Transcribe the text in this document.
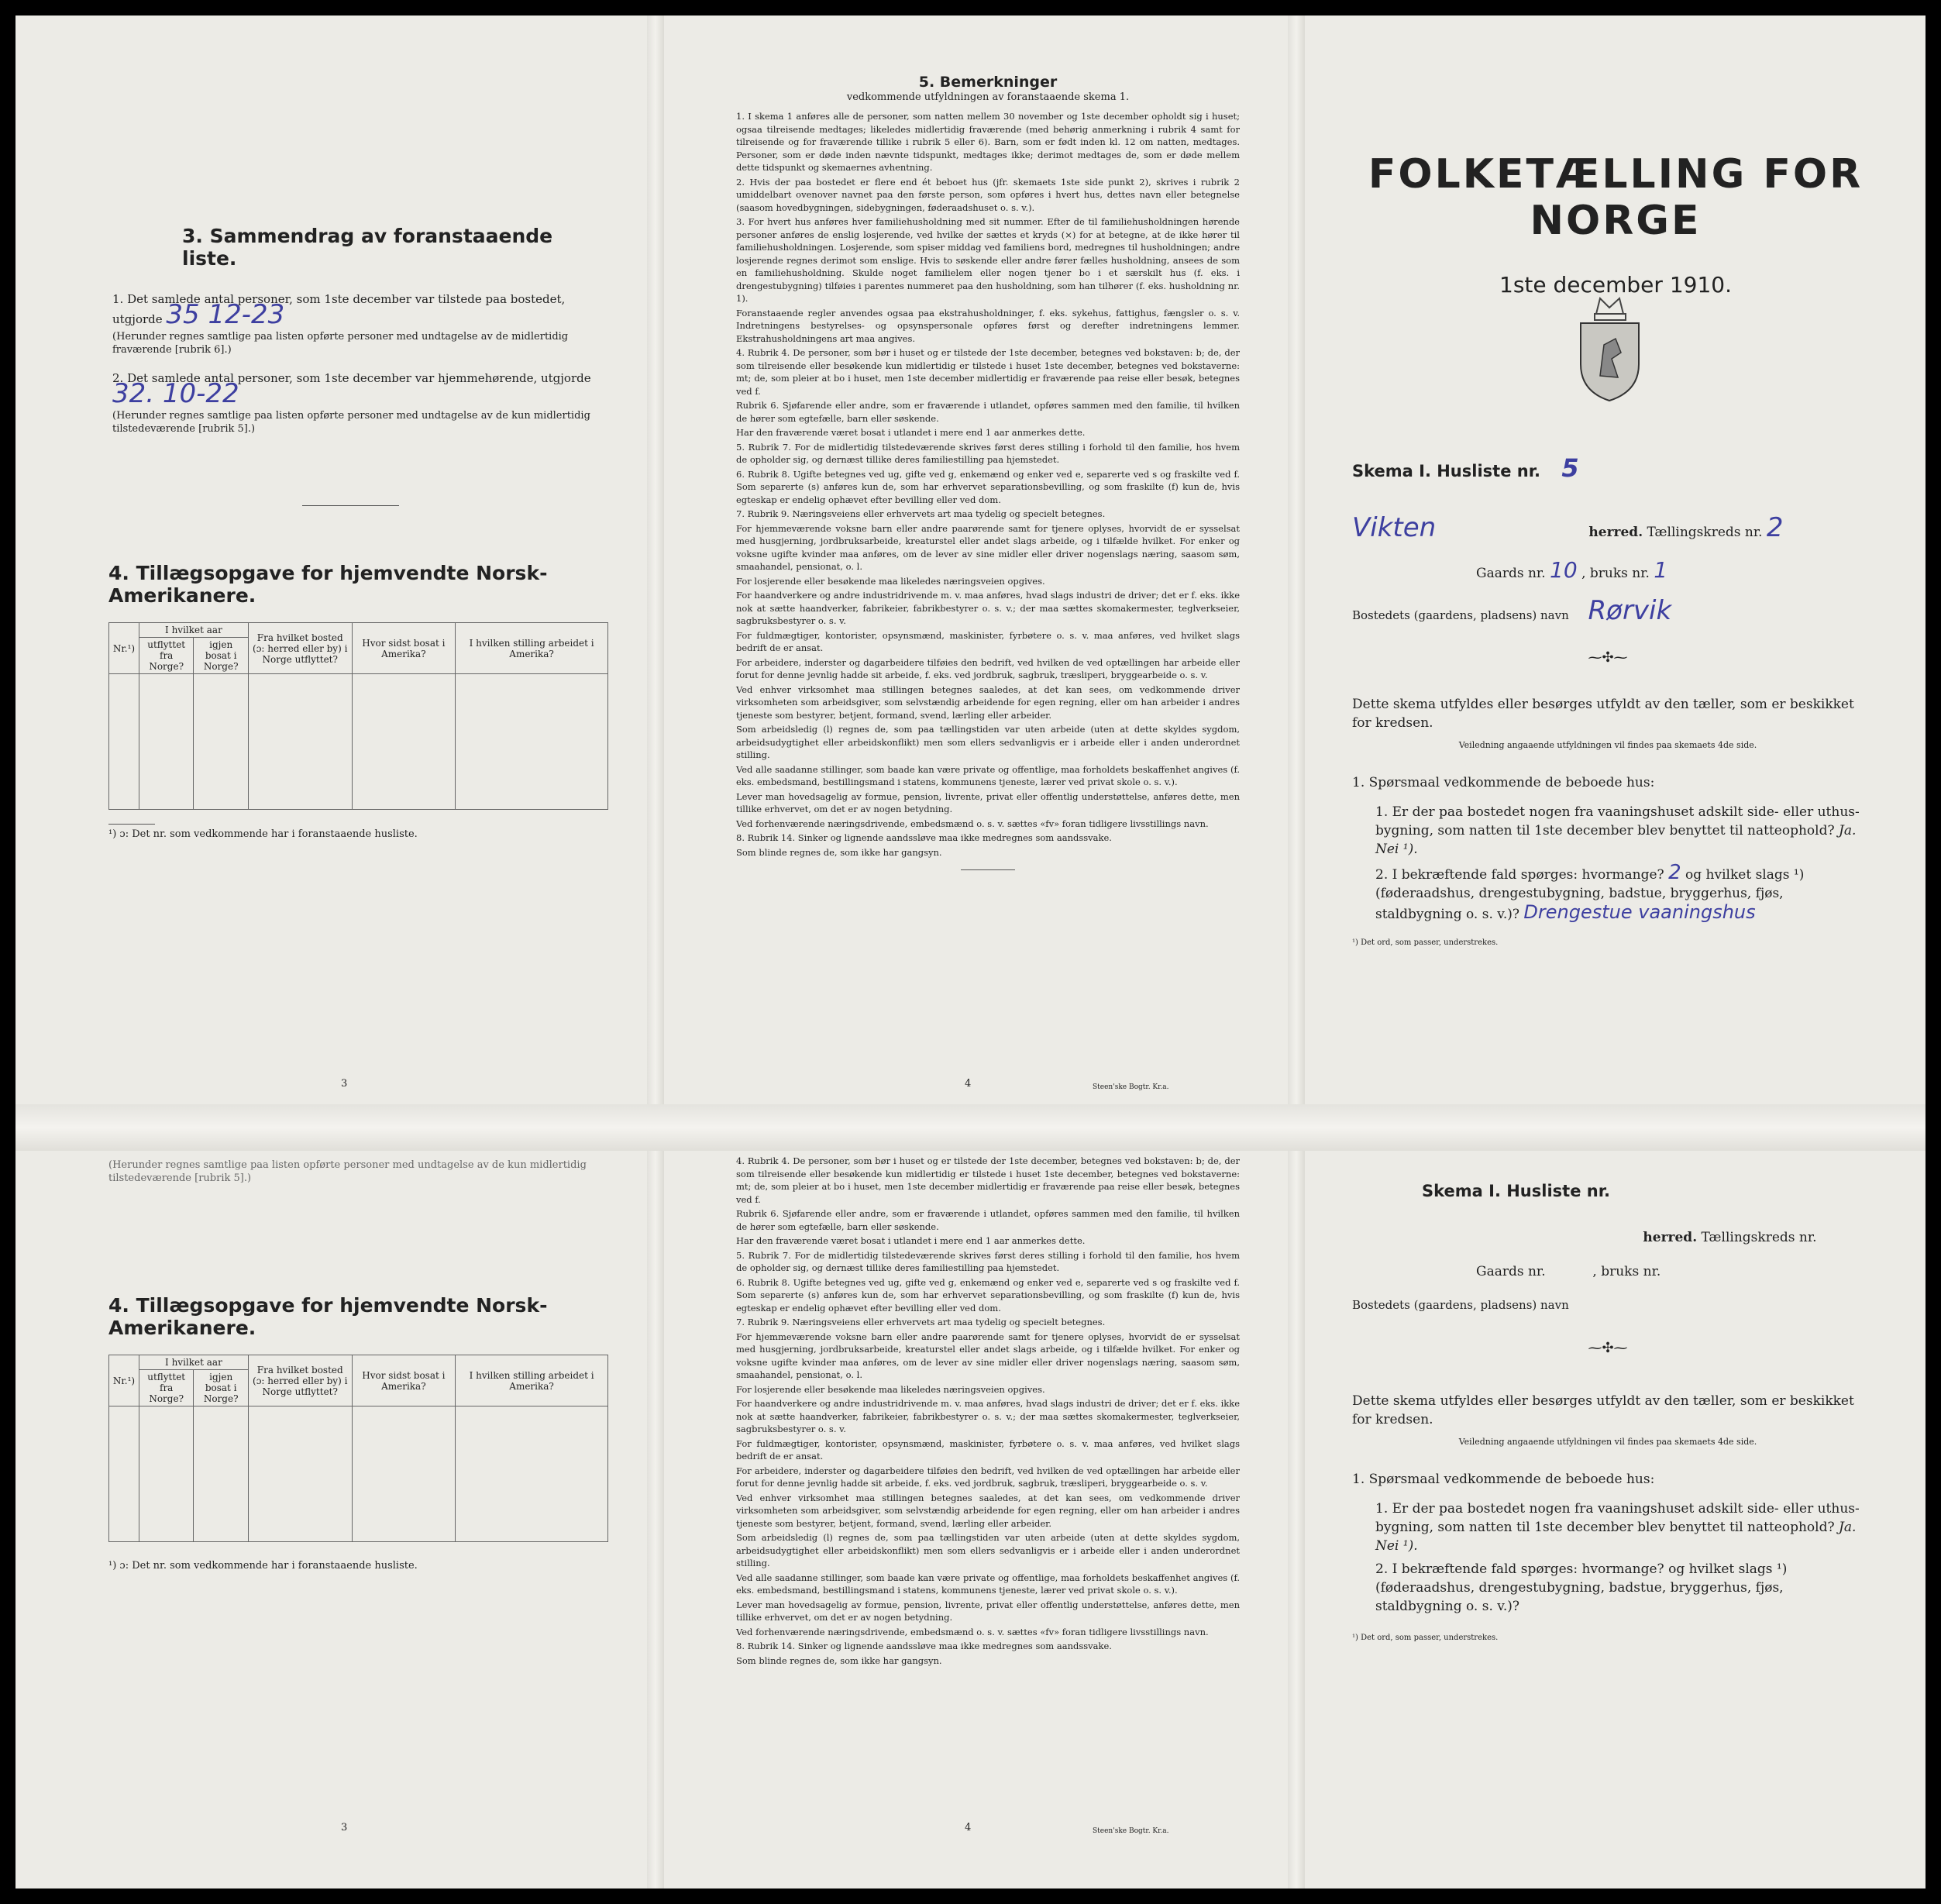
3. Sammendrag av foranstaaende liste.
1. Det samlede antal personer, som 1ste december var tilstede paa bostedet, utgjorde 35 12-23
(Herunder regnes samtlige paa listen opførte personer med undtagelse av de midlertidig fraværende [rubrik 6].)
2. Det samlede antal personer, som 1ste december var hjemmehørende, utgjorde 32. 10-22
(Herunder regnes samtlige paa listen opførte personer med undtagelse av de kun midlertidig tilstedeværende [rubrik 5].)
4. Tillægsopgave for hjemvendte Norsk-Amerikanere.
Nr.¹)	I hvilket aar		Fra hvilket bosted (ɔ: herred eller by) i Norge utflyttet?	Hvor sidst bosat i Amerika?	I hvilken stilling arbeidet i Amerika?
	utflyttet fra Norge?	igjen bosat i Norge?			

¹) ɔ: Det nr. som vedkommende har i foranstaaende husliste.
3
5. Bemerkninger
vedkommende utfyldningen av foranstaaende skema 1.

1. I skema 1 anføres alle de personer, som natten mellem 30 november og 1ste december opholdt sig i huset; ogsaa tilreisende medtages; likeledes midlertidig fraværende (med behørig anmerkning i rubrik 4 samt for tilreisende og for fraværende tillike i rubrik 5 eller 6). Barn, som er født inden kl. 12 om natten, medtages. Personer, som er døde inden nævnte tidspunkt, medtages ikke; derimot medtages de, som er døde mellem dette tidspunkt og skemaernes avhentning.

2. Hvis der paa bostedet er flere end ét beboet hus (jfr. skemaets 1ste side punkt 2), skrives i rubrik 2 umiddelbart ovenover navnet paa den første person, som opføres i hvert hus, dettes navn eller betegnelse (saasom hovedbygningen, sidebygningen, føderaadshuset o. s. v.).

3. For hvert hus anføres hver familiehusholdning med sit nummer. Efter de til familiehusholdningen hørende personer anføres de enslig losjerende, ved hvilke der sættes et kryds (×) for at betegne, at de ikke hører til familiehusholdningen. Losjerende, som spiser middag ved familiens bord, medregnes til husholdningen; andre losjerende regnes derimot som enslige. Hvis to søskende eller andre fører fælles husholdning, ansees de som en familiehusholdning. Skulde noget familielem eller nogen tjener bo i et særskilt hus (f. eks. i drengestubygning) tilføies i parentes nummeret paa den husholdning, som han tilhører (f. eks. husholdning nr. 1).

Foranstaaende regler anvendes ogsaa paa ekstrahusholdninger, f. eks. sykehus, fattighus, fængsler o. s. v. Indretningens bestyrelses- og opsynspersonale opføres først og derefter indretningens lemmer. Ekstrahusholdningens art maa angives.

4. Rubrik 4. De personer, som bør i huset og er tilstede der 1ste december, betegnes ved bokstaven: b; de, der som tilreisende eller besøkende kun midlertidig er tilstede i huset 1ste december, betegnes ved bokstaverne: mt; de, som pleier at bo i huset, men 1ste december midlertidig er fraværende paa reise eller besøk, betegnes ved f.

Rubrik 6. Sjøfarende eller andre, som er fraværende i utlandet, opføres sammen med den familie, til hvilken de hører som egtefælle, barn eller søskende.

Har den fraværende været bosat i utlandet i mere end 1 aar anmerkes dette.

5. Rubrik 7. For de midlertidig tilstedeværende skrives først deres stilling i forhold til den familie, hos hvem de opholder sig, og dernæst tillike deres familiestilling paa hjemstedet.

6. Rubrik 8. Ugifte betegnes ved ug, gifte ved g, enkemænd og enker ved e, separerte ved s og fraskilte ved f. Som separerte (s) anføres kun de, som har erhvervet separationsbevilling, og som fraskilte (f) kun de, hvis egteskap er endelig ophævet efter bevilling eller ved dom.

7. Rubrik 9. Næringsveiens eller erhvervets art maa tydelig og specielt betegnes.

For hjemmeværende voksne barn eller andre paarørende samt for tjenere oplyses, hvorvidt de er sysselsat med husgjerning, jordbruksarbeide, kreaturstel eller andet slags arbeide, og i tilfælde hvilket. For enker og voksne ugifte kvinder maa anføres, om de lever av sine midler eller driver nogenslags næring, saasom søm, smaahandel, pensionat, o. l.

For losjerende eller besøkende maa likeledes næringsveien opgives.

For haandverkere og andre industridrivende m. v. maa anføres, hvad slags industri de driver; det er f. eks. ikke nok at sætte haandverker, fabrikeier, fabrikbestyrer o. s. v.; der maa sættes skomakermester, teglverkseier, sagbruksbestyrer o. s. v.

For fuldmægtiger, kontorister, opsynsmænd, maskinister, fyrbøtere o. s. v. maa anføres, ved hvilket slags bedrift de er ansat.

For arbeidere, inderster og dagarbeidere tilføies den bedrift, ved hvilken de ved optællingen har arbeide eller forut for denne jevnlig hadde sit arbeide, f. eks. ved jordbruk, sagbruk, træsliperi, bryggearbeide o. s. v.

Ved enhver virksomhet maa stillingen betegnes saaledes, at det kan sees, om vedkommende driver virksomheten som arbeidsgiver, som selvstændig arbeidende for egen regning, eller om han arbeider i andres tjeneste som bestyrer, betjent, formand, svend, lærling eller arbeider.

Som arbeidsledig (l) regnes de, som paa tællingstiden var uten arbeide (uten at dette skyldes sygdom, arbeidsudygtighet eller arbeidskonflikt) men som ellers sedvanligvis er i arbeide eller i anden underordnet stilling.

Ved alle saadanne stillinger, som baade kan være private og offentlige, maa forholdets beskaffenhet angives (f. eks. embedsmand, bestillingsmand i statens, kommunens tjeneste, lærer ved privat skole o. s. v.).

Lever man hovedsagelig av formue, pension, livrente, privat eller offentlig understøttelse, anføres dette, men tillike erhvervet, om det er av nogen betydning.

Ved forhenværende næringsdrivende, embedsmænd o. s. v. sættes «fv» foran tidligere livsstillings navn.

8. Rubrik 14. Sinker og lignende aandssløve maa ikke medregnes som aandssvake.

Som blinde regnes de, som ikke har gangsyn.

4	Steen'ske Bogtr. Kr.a.
FOLKETÆLLING FOR NORGE
1ste december 1910.
Skema I. Husliste nr. 5
Vikten	herred. Tællingskreds nr. 2
Gaards nr. 10 , bruks nr. 1
Bostedets (gaardens, pladsens) navn Rørvik
⁓✣⁓
Dette skema utfyldes eller besørges utfyldt av den tæller, som er beskikket for kredsen.
Veiledning angaaende utfyldningen vil findes paa skemaets 4de side.
1. Spørsmaal vedkommende de beboede hus:
1. Er der paa bostedet nogen fra vaaningshuset adskilt side- eller uthus-bygning, som natten til 1ste december blev benyttet til natteophold? Ja. Nei ¹).
2. I bekræftende fald spørges: hvormange? 2 og hvilket slags ¹) (føderaadshus, drengestubygning, badstue, bryggerhus, fjøs, staldbygning o. s. v.)? Drengestue vaaningshus
¹) Det ord, som passer, understrekes.
(Herunder regnes samtlige paa listen opførte personer med undtagelse av de kun midlertidig tilstedeværende [rubrik 5].)
4. Tillægsopgave for hjemvendte Norsk-Amerikanere.
Nr.¹)	I hvilket aar		Fra hvilket bosted (ɔ: herred eller by) i Norge utflyttet?	Hvor sidst bosat i Amerika?	I hvilken stilling arbeidet i Amerika?
	utflyttet fra Norge?	igjen bosat i Norge?			

¹) ɔ: Det nr. som vedkommende har i foranstaaende husliste.
3

4. Rubrik 4. De personer, som bør i huset og er tilstede der 1ste december, betegnes ved bokstaven: b; de, der som tilreisende eller besøkende kun midlertidig er tilstede i huset 1ste december, betegnes ved bokstaverne: mt; de, som pleier at bo i huset, men 1ste december midlertidig er fraværende paa reise eller besøk, betegnes ved f.

Rubrik 6. Sjøfarende eller andre, som er fraværende i utlandet, opføres sammen med den familie, til hvilken de hører som egtefælle, barn eller søskende.

Har den fraværende været bosat i utlandet i mere end 1 aar anmerkes dette.

5. Rubrik 7. For de midlertidig tilstedeværende skrives først deres stilling i forhold til den familie, hos hvem de opholder sig, og dernæst tillike deres familiestilling paa hjemstedet.

6. Rubrik 8. Ugifte betegnes ved ug, gifte ved g, enkemænd og enker ved e, separerte ved s og fraskilte ved f. Som separerte (s) anføres kun de, som har erhvervet separationsbevilling, og som fraskilte (f) kun de, hvis egteskap er endelig ophævet efter bevilling eller ved dom.

7. Rubrik 9. Næringsveiens eller erhvervets art maa tydelig og specielt betegnes.

For hjemmeværende voksne barn eller andre paarørende samt for tjenere oplyses, hvorvidt de er sysselsat med husgjerning, jordbruksarbeide, kreaturstel eller andet slags arbeide, og i tilfælde hvilket. For enker og voksne ugifte kvinder maa anføres, om de lever av sine midler eller driver nogenslags næring, saasom søm, smaahandel, pensionat, o. l.

For losjerende eller besøkende maa likeledes næringsveien opgives.

For haandverkere og andre industridrivende m. v. maa anføres, hvad slags industri de driver; det er f. eks. ikke nok at sætte haandverker, fabrikeier, fabrikbestyrer o. s. v.; der maa sættes skomakermester, teglverkseier, sagbruksbestyrer o. s. v.

For fuldmægtiger, kontorister, opsynsmænd, maskinister, fyrbøtere o. s. v. maa anføres, ved hvilket slags bedrift de er ansat.

For arbeidere, inderster og dagarbeidere tilføies den bedrift, ved hvilken de ved optællingen har arbeide eller forut for denne jevnlig hadde sit arbeide, f. eks. ved jordbruk, sagbruk, træsliperi, bryggearbeide o. s. v.

Ved enhver virksomhet maa stillingen betegnes saaledes, at det kan sees, om vedkommende driver virksomheten som arbeidsgiver, som selvstændig arbeidende for egen regning, eller om han arbeider i andres tjeneste som bestyrer, betjent, formand, svend, lærling eller arbeider.

Som arbeidsledig (l) regnes de, som paa tællingstiden var uten arbeide (uten at dette skyldes sygdom, arbeidsudygtighet eller arbeidskonflikt) men som ellers sedvanligvis er i arbeide eller i anden underordnet stilling.

Ved alle saadanne stillinger, som baade kan være private og offentlige, maa forholdets beskaffenhet angives (f. eks. embedsmand, bestillingsmand i statens, kommunens tjeneste, lærer ved privat skole o. s. v.).

Lever man hovedsagelig av formue, pension, livrente, privat eller offentlig understøttelse, anføres dette, men tillike erhvervet, om det er av nogen betydning.

Ved forhenværende næringsdrivende, embedsmænd o. s. v. sættes «fv» foran tidligere livsstillings navn.

8. Rubrik 14. Sinker og lignende aandssløve maa ikke medregnes som aandssvake.

Som blinde regnes de, som ikke har gangsyn.

4	Steen'ske Bogtr. Kr.a.
Skema I. Husliste nr.
herred. Tællingskreds nr.
Gaards nr.	, bruks nr.
Bostedets (gaardens, pladsens) navn
⁓✣⁓
Dette skema utfyldes eller besørges utfyldt av den tæller, som er beskikket for kredsen.
Veiledning angaaende utfyldningen vil findes paa skemaets 4de side.
1. Spørsmaal vedkommende de beboede hus:
1. Er der paa bostedet nogen fra vaaningshuset adskilt side- eller uthus-bygning, som natten til 1ste december blev benyttet til natteophold? Ja. Nei ¹).
2. I bekræftende fald spørges: hvormange? og hvilket slags ¹) (føderaadshus, drengestubygning, badstue, bryggerhus, fjøs, staldbygning o. s. v.)?
¹) Det ord, som passer, understrekes.
